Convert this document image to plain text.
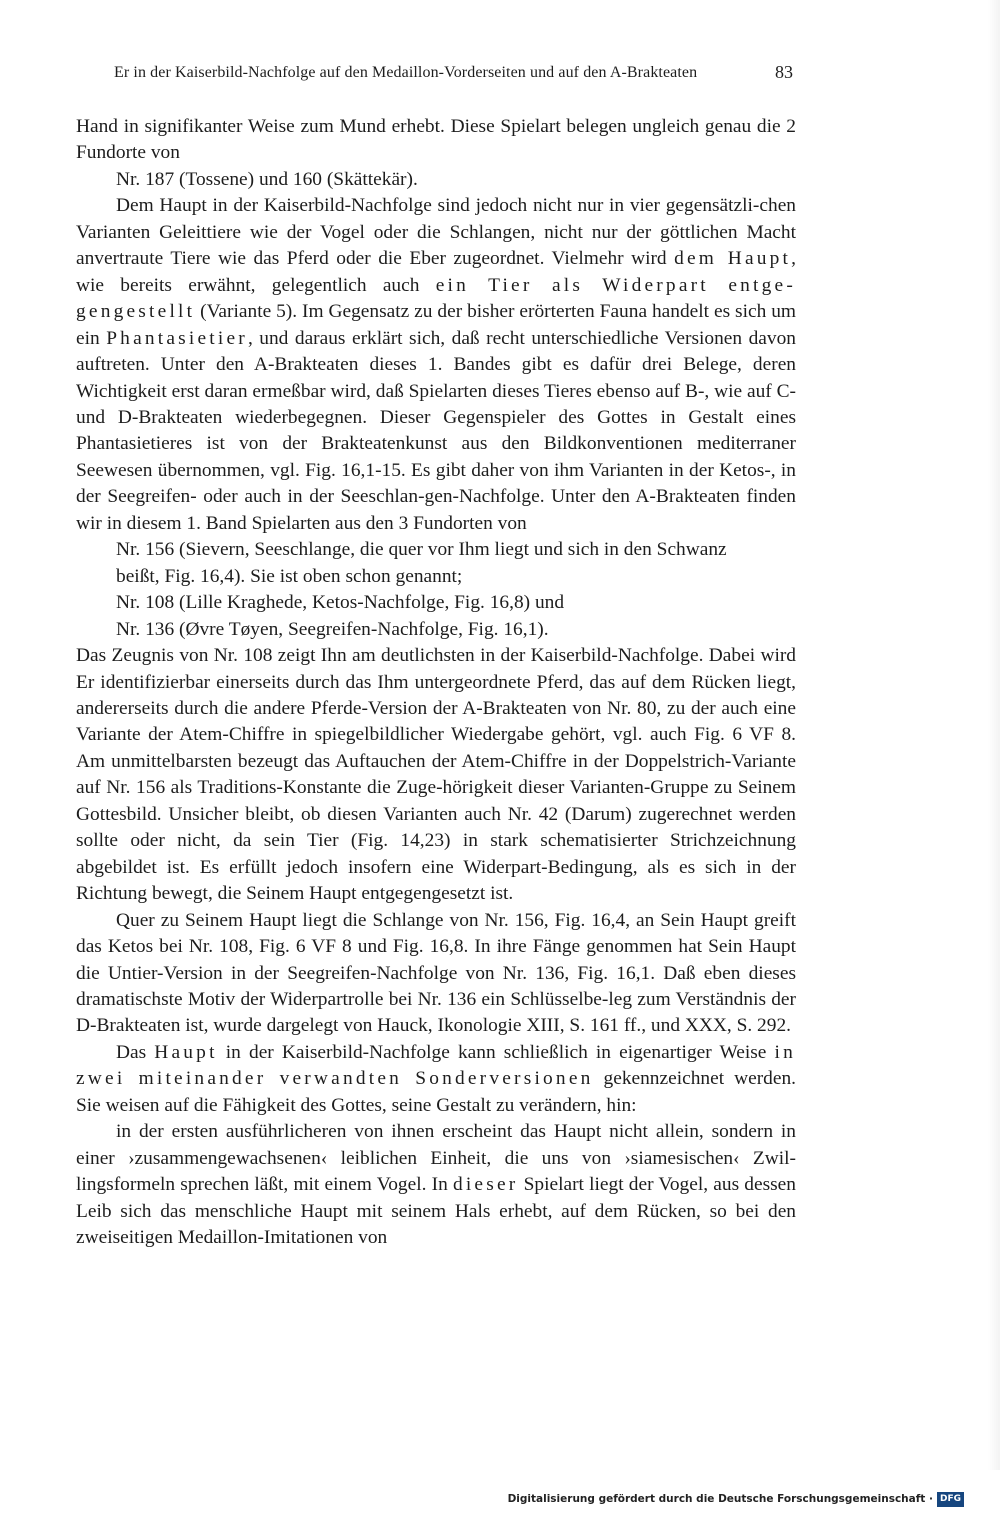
Er in der Kaiserbild-Nachfolge auf den Medaillon-Vorderseiten und auf den A-Brakteaten	83

Hand in signifikanter Weise zum Mund erhebt. Diese Spielart belegen ungleich genau die 2 Fundorte von

Nr. 187 (Tossene) und 160 (Skättekär).

Dem Haupt in der Kaiserbild-Nachfolge sind jedoch nicht nur in vier gegensätzli-chen Varianten Geleittiere wie der Vogel oder die Schlangen, nicht nur der göttlichen Macht anvertraute Tiere wie das Pferd oder die Eber zugeordnet. Vielmehr wird dem Haupt, wie bereits erwähnt, gelegentlich auch ein Tier als Widerpart entge-gengestellt (Variante 5). Im Gegensatz zu der bisher erörterten Fauna handelt es sich um ein Phantasietier, und daraus erklärt sich, daß recht unterschiedliche Versionen davon auftreten. Unter den A-Brakteaten dieses 1. Bandes gibt es dafür drei Belege, deren Wichtigkeit erst daran ermeßbar wird, daß Spielarten dieses Tieres ebenso auf B-, wie auf C- und D-Brakteaten wiederbegegnen. Dieser Gegenspieler des Gottes in Gestalt eines Phantasietieres ist von der Brakteatenkunst aus den Bildkonventionen mediterraner Seewesen übernommen, vgl. Fig. 16,1-15. Es gibt daher von ihm Varianten in der Ketos-, in der Seegreifen- oder auch in der Seeschlan-gen-Nachfolge. Unter den A-Brakteaten finden wir in diesem 1. Band Spielarten aus den 3 Fundorten von

Nr. 156 (Sievern, Seeschlange, die quer vor Ihm liegt und sich in den Schwanz

beißt, Fig. 16,4). Sie ist oben schon genannt;

Nr. 108 (Lille Kraghede, Ketos-Nachfolge, Fig. 16,8) und

Nr. 136 (Øvre Tøyen, Seegreifen-Nachfolge, Fig. 16,1).

Das Zeugnis von Nr. 108 zeigt Ihn am deutlichsten in der Kaiserbild-Nachfolge. Dabei wird Er identifizierbar einerseits durch das Ihm untergeordnete Pferd, das auf dem Rücken liegt, andererseits durch die andere Pferde-Version der A-Brakteaten von Nr. 80, zu der auch eine Variante der Atem-Chiffre in spiegelbildlicher Wiedergabe gehört, vgl. auch Fig. 6 VF 8. Am unmittelbarsten bezeugt das Auftauchen der Atem-Chiffre in der Doppelstrich-Variante auf Nr. 156 als Traditions-Konstante die Zuge-hörigkeit dieser Varianten-Gruppe zu Seinem Gottesbild. Unsicher bleibt, ob diesen Varianten auch Nr. 42 (Darum) zugerechnet werden sollte oder nicht, da sein Tier (Fig. 14,23) in stark schematisierter Strichzeichnung abgebildet ist. Es erfüllt jedoch insofern eine Widerpart-Bedingung, als es sich in der Richtung bewegt, die Seinem Haupt entgegengesetzt ist.

Quer zu Seinem Haupt liegt die Schlange von Nr. 156, Fig. 16,4, an Sein Haupt greift das Ketos bei Nr. 108, Fig. 6 VF 8 und Fig. 16,8. In ihre Fänge genommen hat Sein Haupt die Untier-Version in der Seegreifen-Nachfolge von Nr. 136, Fig. 16,1. Daß eben dieses dramatischste Motiv der Widerpartrolle bei Nr. 136 ein Schlüsselbe-leg zum Verständnis der D-Brakteaten ist, wurde dargelegt von Hauck, Ikonologie XIII, S. 161 ff., und XXX, S. 292.

Das Haupt in der Kaiserbild-Nachfolge kann schließlich in eigenartiger Weise in zwei miteinander verwandten Sonderversionen gekennzeichnet werden. Sie weisen auf die Fähigkeit des Gottes, seine Gestalt zu verändern, hin:

in der ersten ausführlicheren von ihnen erscheint das Haupt nicht allein, sondern in einer ›zusammengewachsenen‹ leiblichen Einheit, die uns von ›siamesischen‹ Zwil-lingsformeln sprechen läßt, mit einem Vogel. In dieser Spielart liegt der Vogel, aus dessen Leib sich das menschliche Haupt mit seinem Hals erhebt, auf dem Rücken, so bei den zweiseitigen Medaillon-Imitationen von

Digitalisierung gefördert durch die Deutsche Forschungsgemeinschaft · DFG
